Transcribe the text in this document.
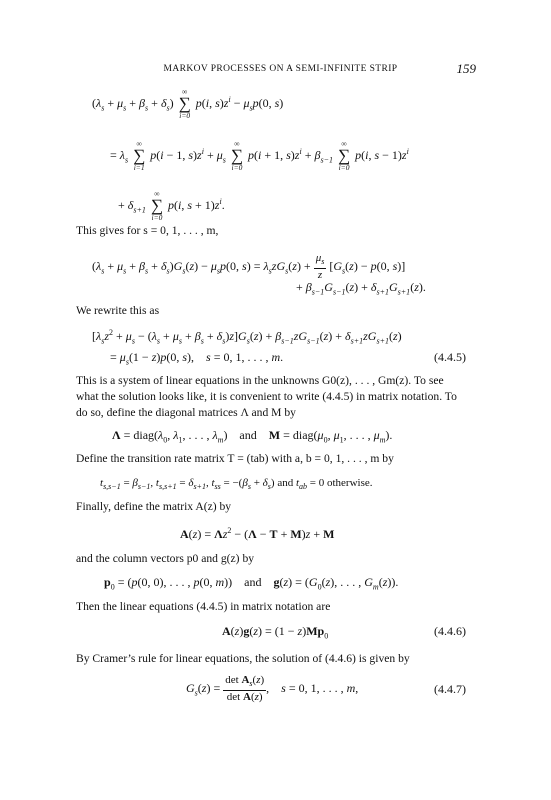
MARKOV PROCESSES ON A SEMI-INFINITE STRIP	159
$(\lambda_s + \mu_s + \beta_s + \delta_s)$
∞
∑
i=0
p(i, $s)z^i - \mu_sp(0$, s)
= $\lambda_s$
∞
∑
i=1
p(i − 1, $s)z^i + \mu_s$
∞
∑
i=0
p(i + 1, $s)z^i + \beta_{s-1}$
∞
∑
i=0
p(i, $s - 1)z^i$
+ $\delta_{s+1}$
∞
∑
i=0
p(i, $s + 1)z^i$.
This gives for s = 0, 1, . . . , m,
$(\lambda_s + \mu_s + \beta_s + \delta_s)G_s(z) - \mu_sp(0$, $s) = \lambda_szG_s(z) + \frac{\mu_s}{z} [G_s(z) - p(0$, s)]
+ $\beta_{s-1}G_{s-1}(z) + \delta_{s+1}G_{s+1}(z)$.
We rewrite this as
$[\lambda_sz^2 + \mu_s - (\lambda_s + \mu_s + \beta_s + \delta_s)z]G_s(z) + \beta_{s-1}zG_{s-1}(z) + \delta_{s+1}zG_{s+1}(z)$
= $\mu_s(1 - z)p(0$, s),    s = 0, 1, . . . , m.	(4.4.5)
This is a system of linear equations in the unknowns G0(z), . . . , Gm(z). To see
what the solution looks like, it is convenient to write (4.4.5) in matrix notation. To
do so, define the diagonal matrices Λ and M by
$\Lambda = diag(\lambda_0$, $\lambda_1$, . . . , $\lambda_m$)    and    $M = diag(\mu_0$, $\mu_1$, . . . , $\mu_m$).
Define the transition rate matrix T = (tab) with a, b = 0, 1, . . . , m by
$t_{s,s-1} = \beta_{s-1}$, $t_{s,s+1} = \delta_{s+1}$, $t_{ss} = -(\beta_s + \delta_s)$ and $t_{ab} = 0$ otherwise.
Finally, define the matrix A(z) by
$A(z) = \Lambda z^2 - (\Lambda - T + M)z + M$
and the column vectors p0 and g(z) by
$p_0 = (p(0$, 0), . . . , p(0, m))    and    $g(z) = (G_0(z)$, . . . , $G_m(z)$).
Then the linear equations (4.4.5) in matrix notation are
$A(z)g(z) = (1 - z)Mp_0$	(4.4.6)
By Cramer’s rule for linear equations, the solution of (4.4.6) is given by
$G_s(z) = \frac{\det A_s(z)}{\text{det A(z)}}$ ,    s = 0, 1, . . . , m,	(4.4.7)
